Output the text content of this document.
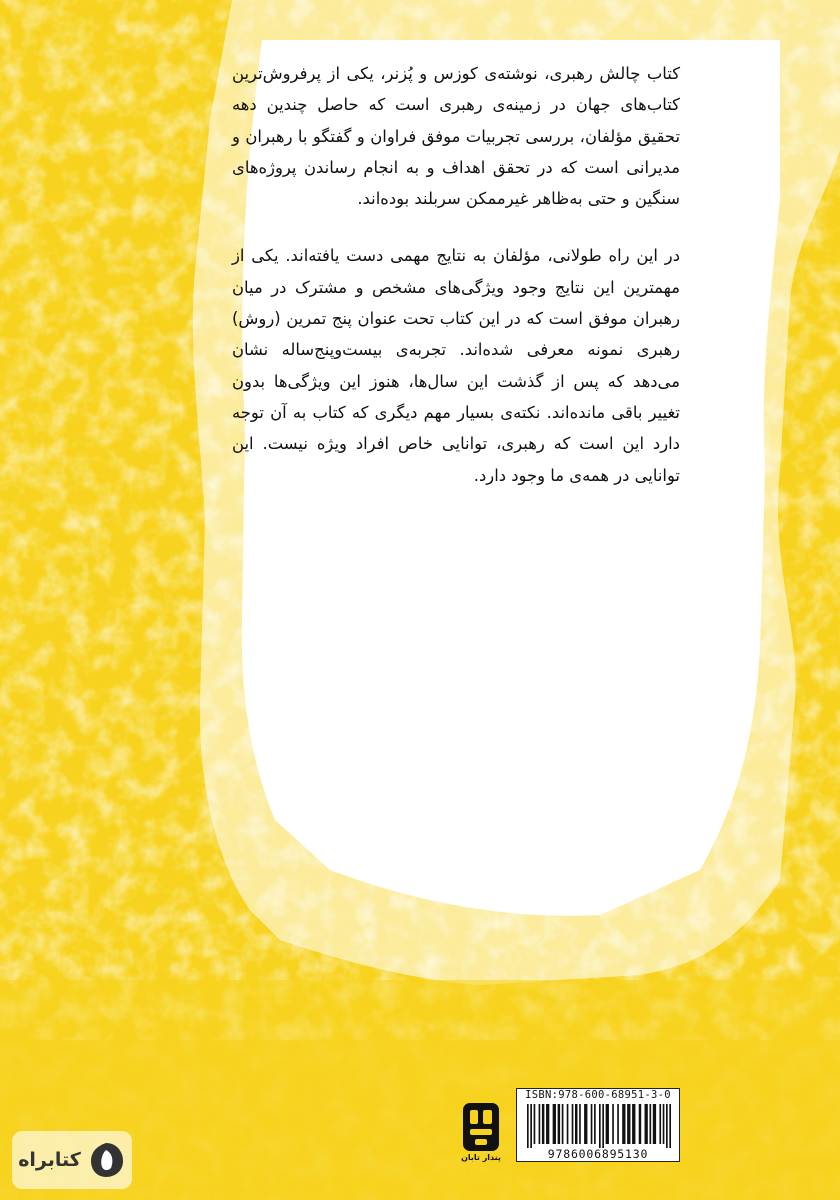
کتاب چالش رهبری، نوشته‌ی کوزس و پُزنر، یکی از پرفروش‌ترین کتاب‌های جهان در زمینه‌ی رهبری است که حاصل چندین دهه تحقیق مؤلفان، بررسی تجربیات موفق فراوان و گفتگو با رهبران و مدیرانی است که در تحقق اهداف و به انجام رساندن پروژه‌های سنگین و حتی به‌ظاهر غیرممکن سربلند بوده‌اند.

در این راه طولانی، مؤلفان به نتایج مهمی دست یافته‌اند. یکی از مهمترین این نتایج وجود ویژگی‌های مشخص و مشترک در میان رهبران موفق است که در این کتاب تحت عنوان پنج تمرین (روش) رهبری نمونه معرفی شده‌اند. تجربه‌ی بیست‌وپنج‌ساله نشان می‌دهد که پس از گذشت این سال‌ها، هنوز این ویژگی‌ها بدون تغییر باقی مانده‌اند. نکته‌ی بسیار مهم دیگری که کتاب به آن توجه دارد این است که رهبری، توانایی خاص افراد ویژه نیست. این توانایی در همه‌ی ما وجود دارد.

ISBN:978-600-68951-3-0
9786006895130
پندار تابان
کتابراه
